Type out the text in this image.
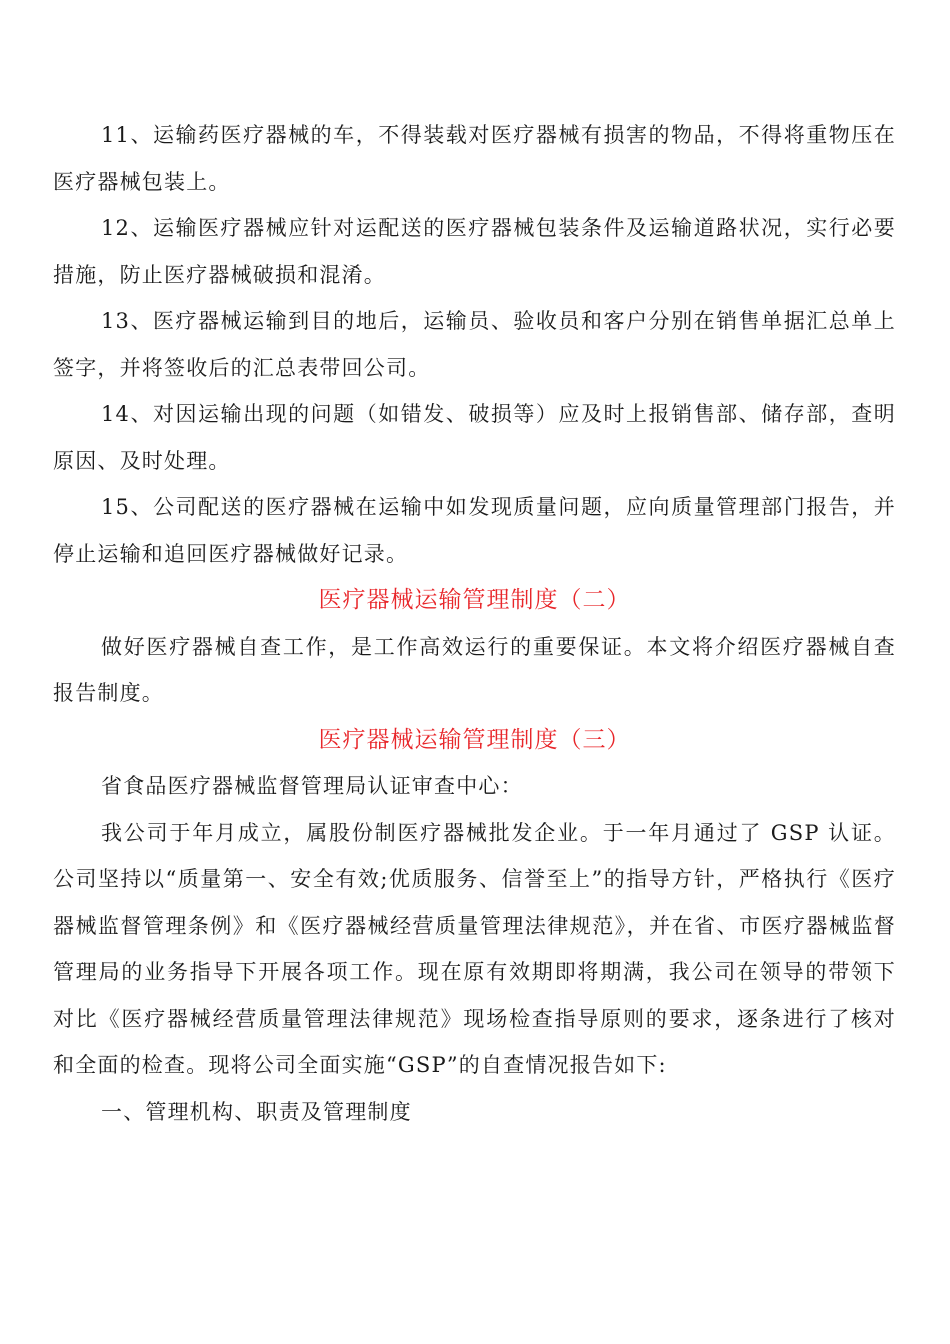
11、运输药医疗器械的车，不得装载对医疗器械有损害的物品，不得将重物压在医疗器械包装上。

12、运输医疗器械应针对运配送的医疗器械包装条件及运输道路状况，实行必要措施，防止医疗器械破损和混淆。

13、医疗器械运输到目的地后，运输员、验收员和客户分别在销售单据汇总单上签字，并将签收后的汇总表带回公司。

14、对因运输出现的问题（如错发、破损等）应及时上报销售部、储存部，查明原因、及时处理。

15、公司配送的医疗器械在运输中如发现质量问题，应向质量管理部门报告，并停止运输和追回医疗器械做好记录。

医疗器械运输管理制度（二）

做好医疗器械自查工作，是工作高效运行的重要保证。本文将介绍医疗器械自查报告制度。

医疗器械运输管理制度（三）

省食品医疗器械监督管理局认证审查中心：

我公司于年月成立，属股份制医疗器械批发企业。于一年月通过了 GSP 认证。公司坚持以“质量第一、安全有效;优质服务、信誉至上”的指导方针，严格执行《医疗器械监督管理条例》和《医疗器械经营质量管理法律规范》，并在省、市医疗器械监督管理局的业务指导下开展各项工作。现在原有效期即将期满，我公司在领导的带领下对比《医疗器械经营质量管理法律规范》现场检查指导原则的要求，逐条进行了核对和全面的检查。现将公司全面实施“GSP”的自查情况报告如下:

一、管理机构、职责及管理制度
